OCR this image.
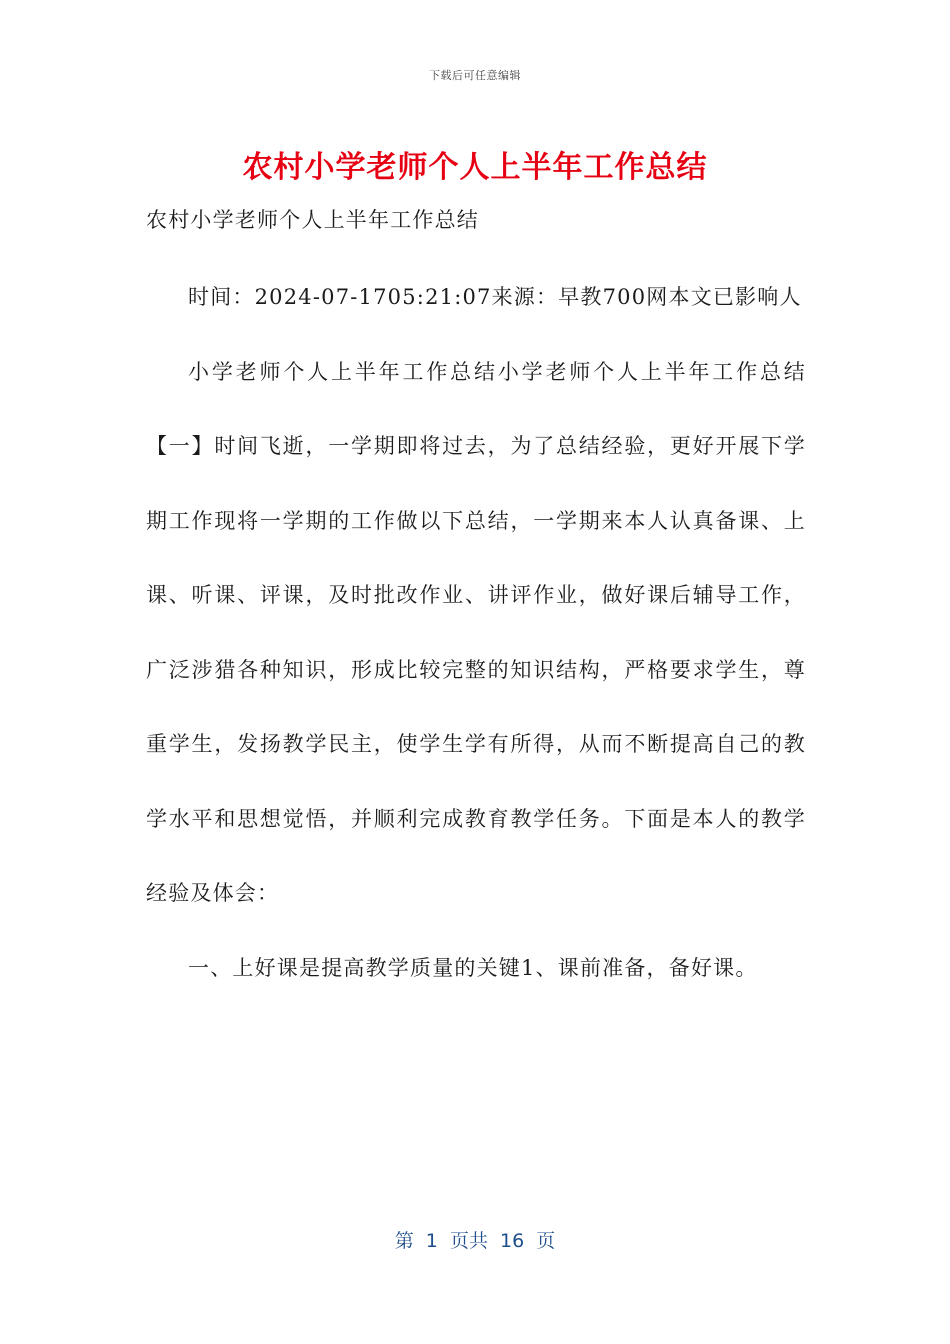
下载后可任意编辑
农村小学老师个人上半年工作总结

农村小学老师个人上半年工作总结

时间：2024-07-1705:21:07来源：早教700网本文已影响人

小学老师个人上半年工作总结小学老师个人上半年工作总结【一】时间飞逝，一学期即将过去，为了总结经验，更好开展下学期工作现将一学期的工作做以下总结，一学期来本人认真备课、上课、听课、评课，及时批改作业、讲评作业，做好课后辅导工作，广泛涉猎各种知识，形成比较完整的知识结构，严格要求学生，尊重学生，发扬教学民主，使学生学有所得，从而不断提高自己的教学水平和思想觉悟，并顺利完成教育教学任务。下面是本人的教学经验及体会：

一、上好课是提高教学质量的关键1、课前准备，备好课。

第  1  页共  16  页
